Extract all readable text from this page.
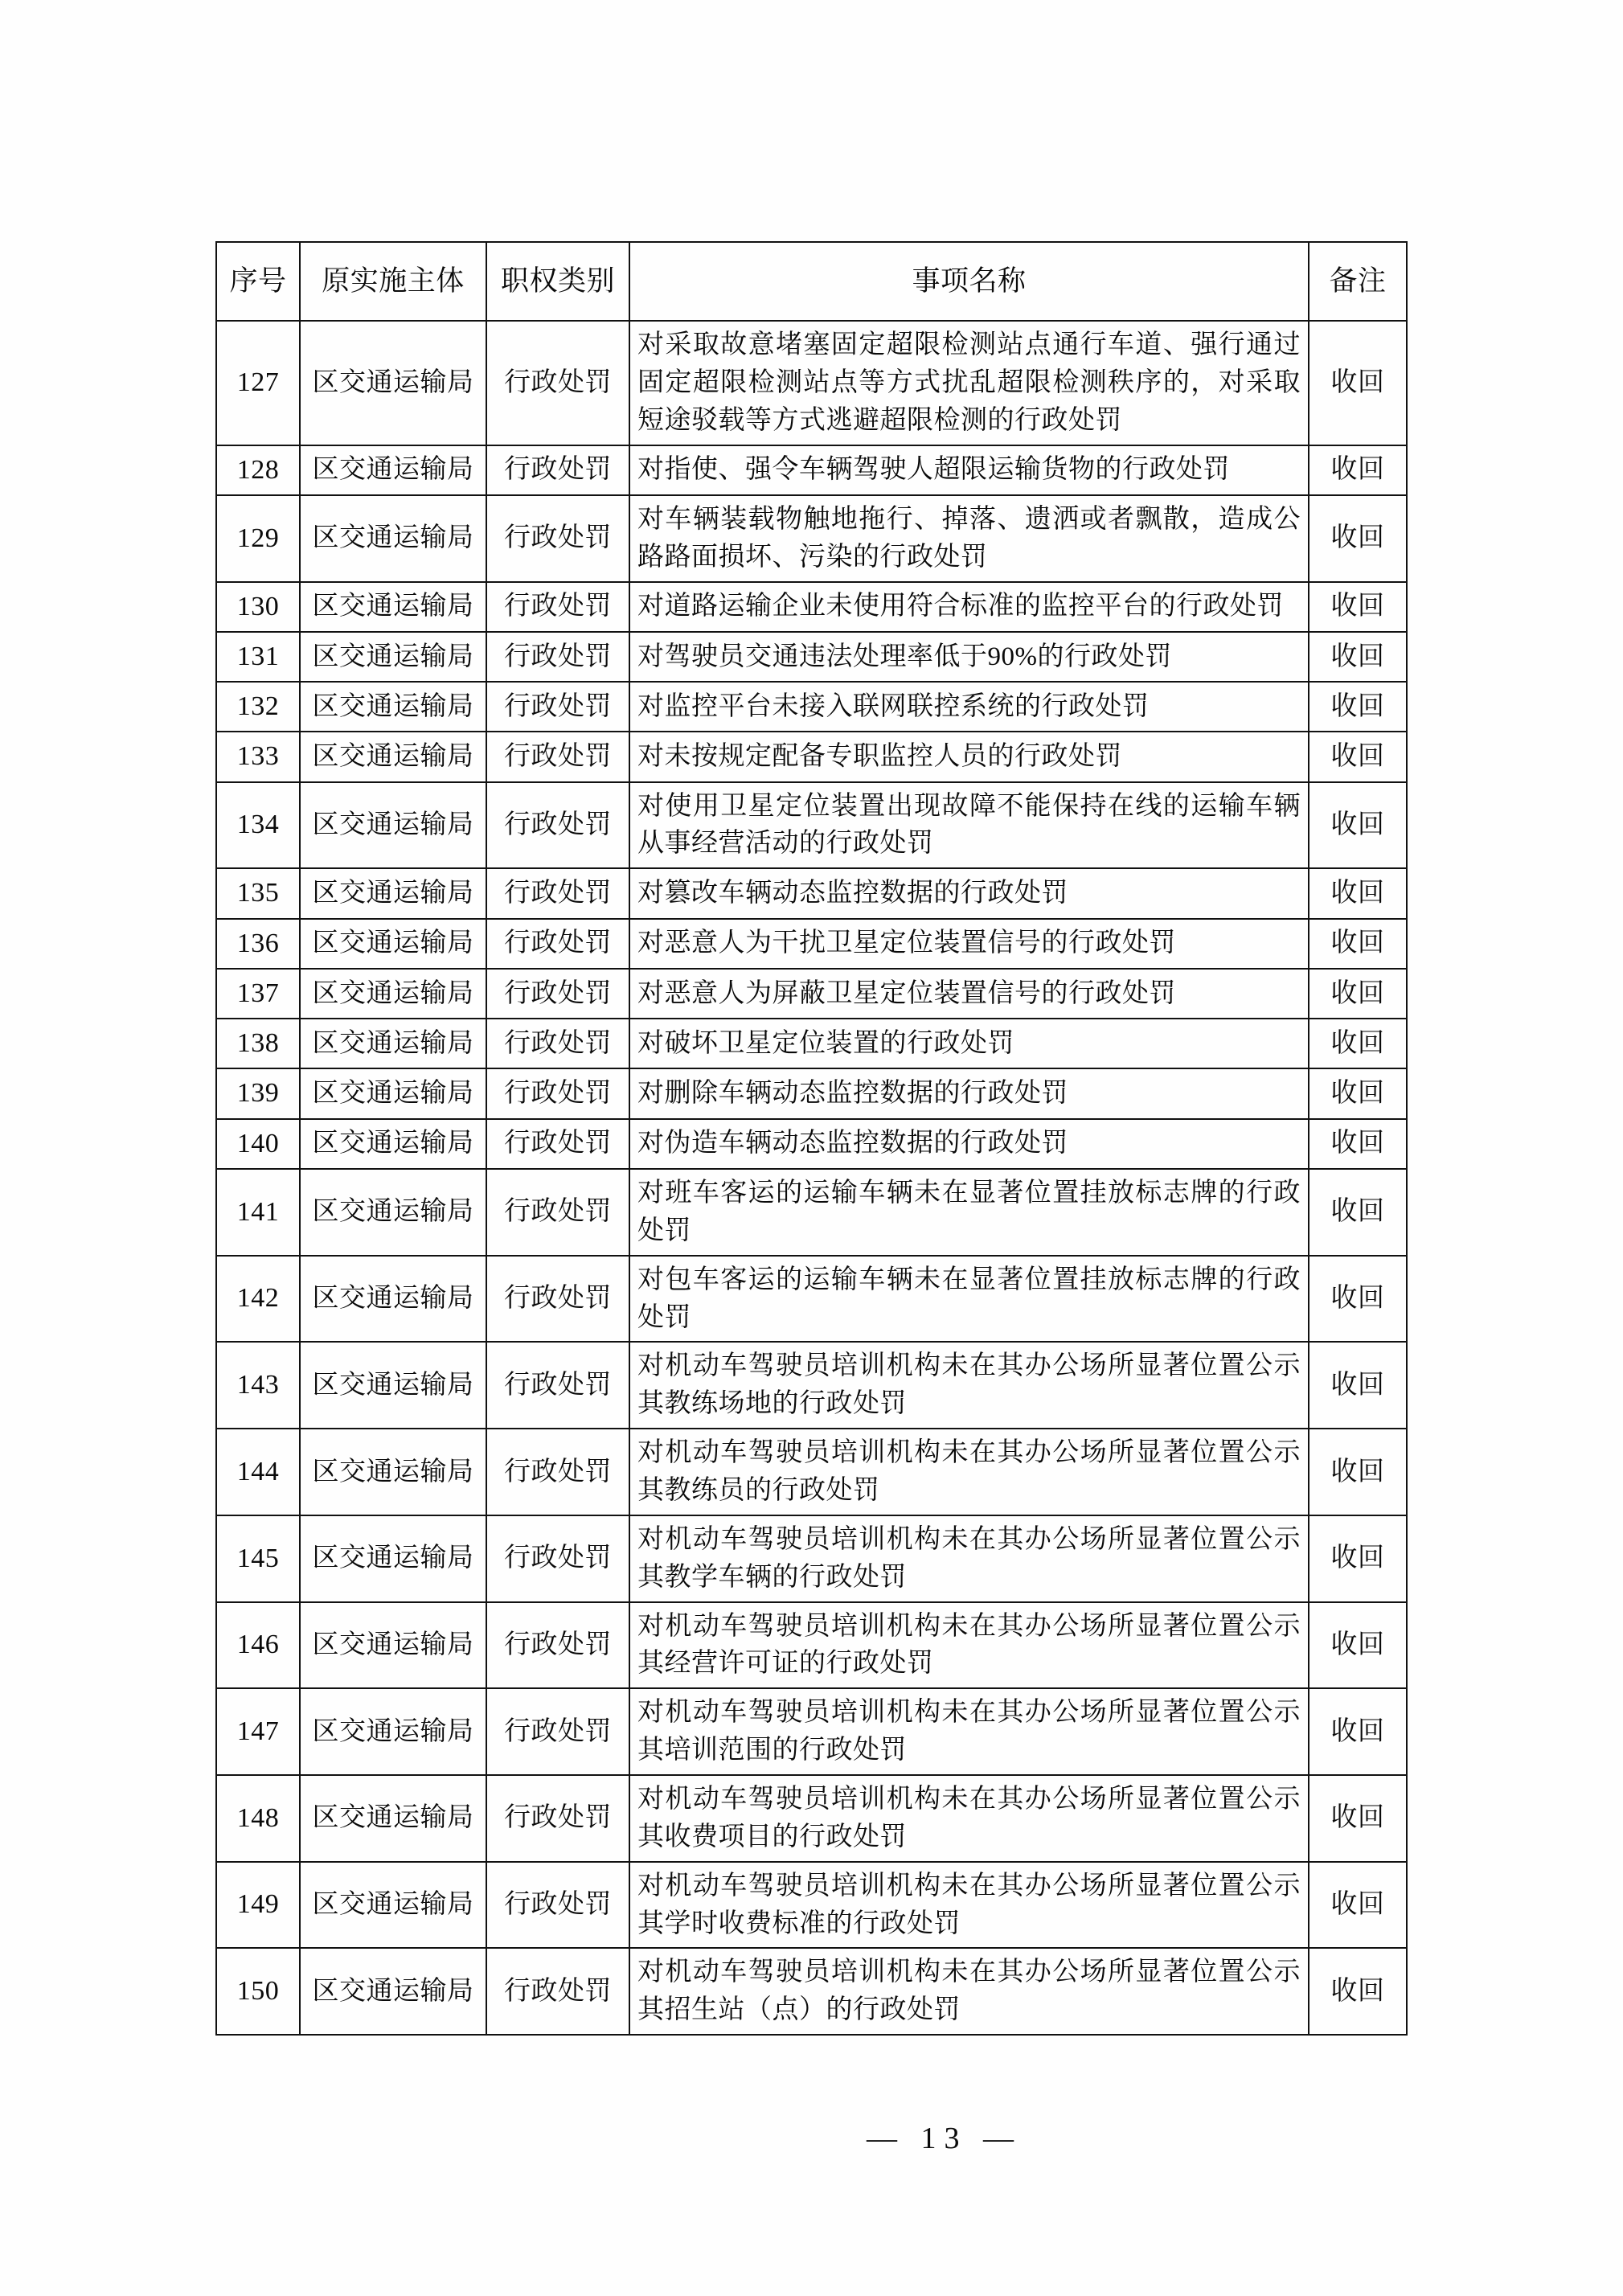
序号	原实施主体	职权类别	事项名称	备注
127	区交通运输局	行政处罚	对采取故意堵塞固定超限检测站点通行车道、强行通过固定超限检测站点等方式扰乱超限检测秩序的，对采取短途驳载等方式逃避超限检测的行政处罚	收回
128	区交通运输局	行政处罚	对指使、强令车辆驾驶人超限运输货物的行政处罚	收回
129	区交通运输局	行政处罚	对车辆装载物触地拖行、掉落、遗洒或者飘散，造成公路路面损坏、污染的行政处罚	收回
130	区交通运输局	行政处罚	对道路运输企业未使用符合标准的监控平台的行政处罚	收回
131	区交通运输局	行政处罚	对驾驶员交通违法处理率低于90%的行政处罚	收回
132	区交通运输局	行政处罚	对监控平台未接入联网联控系统的行政处罚	收回
133	区交通运输局	行政处罚	对未按规定配备专职监控人员的行政处罚	收回
134	区交通运输局	行政处罚	对使用卫星定位装置出现故障不能保持在线的运输车辆从事经营活动的行政处罚	收回
135	区交通运输局	行政处罚	对篡改车辆动态监控数据的行政处罚	收回
136	区交通运输局	行政处罚	对恶意人为干扰卫星定位装置信号的行政处罚	收回
137	区交通运输局	行政处罚	对恶意人为屏蔽卫星定位装置信号的行政处罚	收回
138	区交通运输局	行政处罚	对破坏卫星定位装置的行政处罚	收回
139	区交通运输局	行政处罚	对删除车辆动态监控数据的行政处罚	收回
140	区交通运输局	行政处罚	对伪造车辆动态监控数据的行政处罚	收回
141	区交通运输局	行政处罚	对班车客运的运输车辆未在显著位置挂放标志牌的行政处罚	收回
142	区交通运输局	行政处罚	对包车客运的运输车辆未在显著位置挂放标志牌的行政处罚	收回
143	区交通运输局	行政处罚	对机动车驾驶员培训机构未在其办公场所显著位置公示其教练场地的行政处罚	收回
144	区交通运输局	行政处罚	对机动车驾驶员培训机构未在其办公场所显著位置公示其教练员的行政处罚	收回
145	区交通运输局	行政处罚	对机动车驾驶员培训机构未在其办公场所显著位置公示其教学车辆的行政处罚	收回
146	区交通运输局	行政处罚	对机动车驾驶员培训机构未在其办公场所显著位置公示其经营许可证的行政处罚	收回
147	区交通运输局	行政处罚	对机动车驾驶员培训机构未在其办公场所显著位置公示其培训范围的行政处罚	收回
148	区交通运输局	行政处罚	对机动车驾驶员培训机构未在其办公场所显著位置公示其收费项目的行政处罚	收回
149	区交通运输局	行政处罚	对机动车驾驶员培训机构未在其办公场所显著位置公示其学时收费标准的行政处罚	收回
150	区交通运输局	行政处罚	对机动车驾驶员培训机构未在其办公场所显著位置公示其招生站（点）的行政处罚	收回
— 13 —
